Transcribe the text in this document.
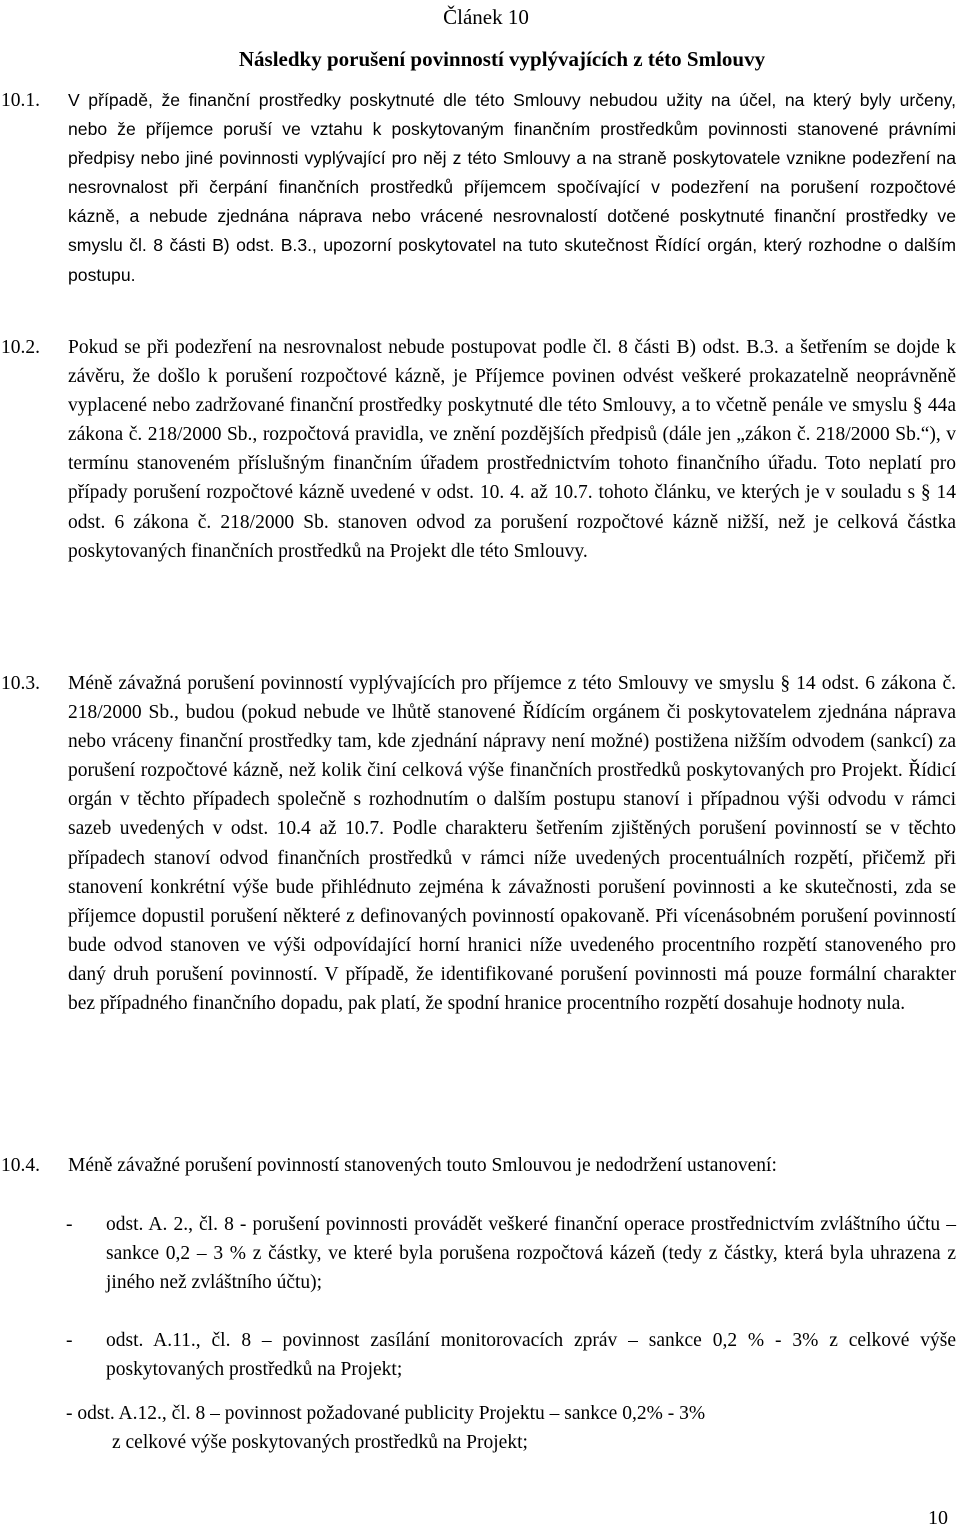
Článek 10
Následky porušení povinností vyplývajících z této Smlouvy
10.1. V případě, že finanční prostředky poskytnuté dle této Smlouvy nebudou užity na účel, na který byly určeny, nebo že příjemce poruší ve vztahu k poskytovaným finančním prostředkům povinnosti stanovené právními předpisy nebo jiné povinnosti vyplývající pro něj z této Smlouvy a na straně poskytovatele vznikne podezření na nesrovnalost při čerpání finančních prostředků příjemcem spočívající v podezření na porušení rozpočtové kázně, a nebude zjednána náprava nebo vrácené nesrovnalostí dotčené poskytnuté finanční prostředky ve smyslu čl. 8 části B) odst. B.3., upozorní poskytovatel na tuto skutečnost Řídící orgán, který rozhodne o dalším postupu.
10.2. Pokud se při podezření na nesrovnalost nebude postupovat podle čl. 8 části B) odst. B.3. a šetřením se dojde k závěru, že došlo k porušení rozpočtové kázně, je Příjemce povinen odvést veškeré prokazatelně neoprávněně vyplacené nebo zadržované finanční prostředky poskytnuté dle této Smlouvy, a to včetně penále ve smyslu § 44a zákona č. 218/2000 Sb., rozpočtová pravidla, ve znění pozdějších předpisů (dále jen „zákon č. 218/2000 Sb.“), v termínu stanoveném příslušným finančním úřadem prostřednictvím tohoto finančního úřadu. Toto neplatí pro případy porušení rozpočtové kázně uvedené v odst. 10. 4. až 10.7. tohoto článku, ve kterých je v souladu s § 14 odst. 6 zákona č. 218/2000 Sb. stanoven odvod za porušení rozpočtové kázně nižší, než je celková částka poskytovaných finančních prostředků na Projekt dle této Smlouvy.
10.3. Méně závažná porušení povinností vyplývajících pro příjemce z této Smlouvy ve smyslu § 14 odst. 6 zákona č. 218/2000 Sb., budou (pokud nebude ve lhůtě stanovené Řídícím orgánem či poskytovatelem zjednána náprava nebo vráceny finanční prostředky tam, kde zjednání nápravy není možné) postižena nižším odvodem (sankcí) za porušení rozpočtové kázně, než kolik činí celková výše finančních prostředků poskytovaných pro Projekt. Řídicí orgán v těchto případech společně s rozhodnutím o dalším postupu stanoví i případnou výši odvodu v rámci sazeb uvedených v odst. 10.4 až 10.7. Podle charakteru šetřením zjištěných porušení povinností se v těchto případech stanoví odvod finančních prostředků v rámci níže uvedených procentuálních rozpětí, přičemž při stanovení konkrétní výše bude přihlédnuto zejména k závažnosti porušení povinnosti a ke skutečnosti, zda se příjemce dopustil porušení některé z definovaných povinností opakovaně. Při vícenásobném porušení povinností bude odvod stanoven ve výši odpovídající horní hranici níže uvedeného procentního rozpětí stanoveného pro daný druh porušení povinností. V případě, že identifikované porušení povinnosti má pouze formální charakter bez případného finančního dopadu, pak platí, že spodní hranice procentního rozpětí dosahuje hodnoty nula.
10.4. Méně závažné porušení povinností stanovených touto Smlouvou je nedodržení ustanovení:
- odst. A. 2., čl. 8 - porušení povinnosti provádět veškeré finanční operace prostřednictvím zvláštního účtu – sankce 0,2 – 3 % z částky, ve které byla porušena rozpočtová kázeň (tedy z částky, která byla uhrazena z jiného než zvláštního účtu);
- odst. A.11., čl. 8 – povinnost zasílání monitorovacích zpráv – sankce 0,2 % - 3% z celkové výše poskytovaných prostředků na Projekt;
- odst. A.12., čl. 8 – povinnost požadované publicity Projektu – sankce 0,2% - 3%
z celkové výše poskytovaných prostředků na Projekt;
10
